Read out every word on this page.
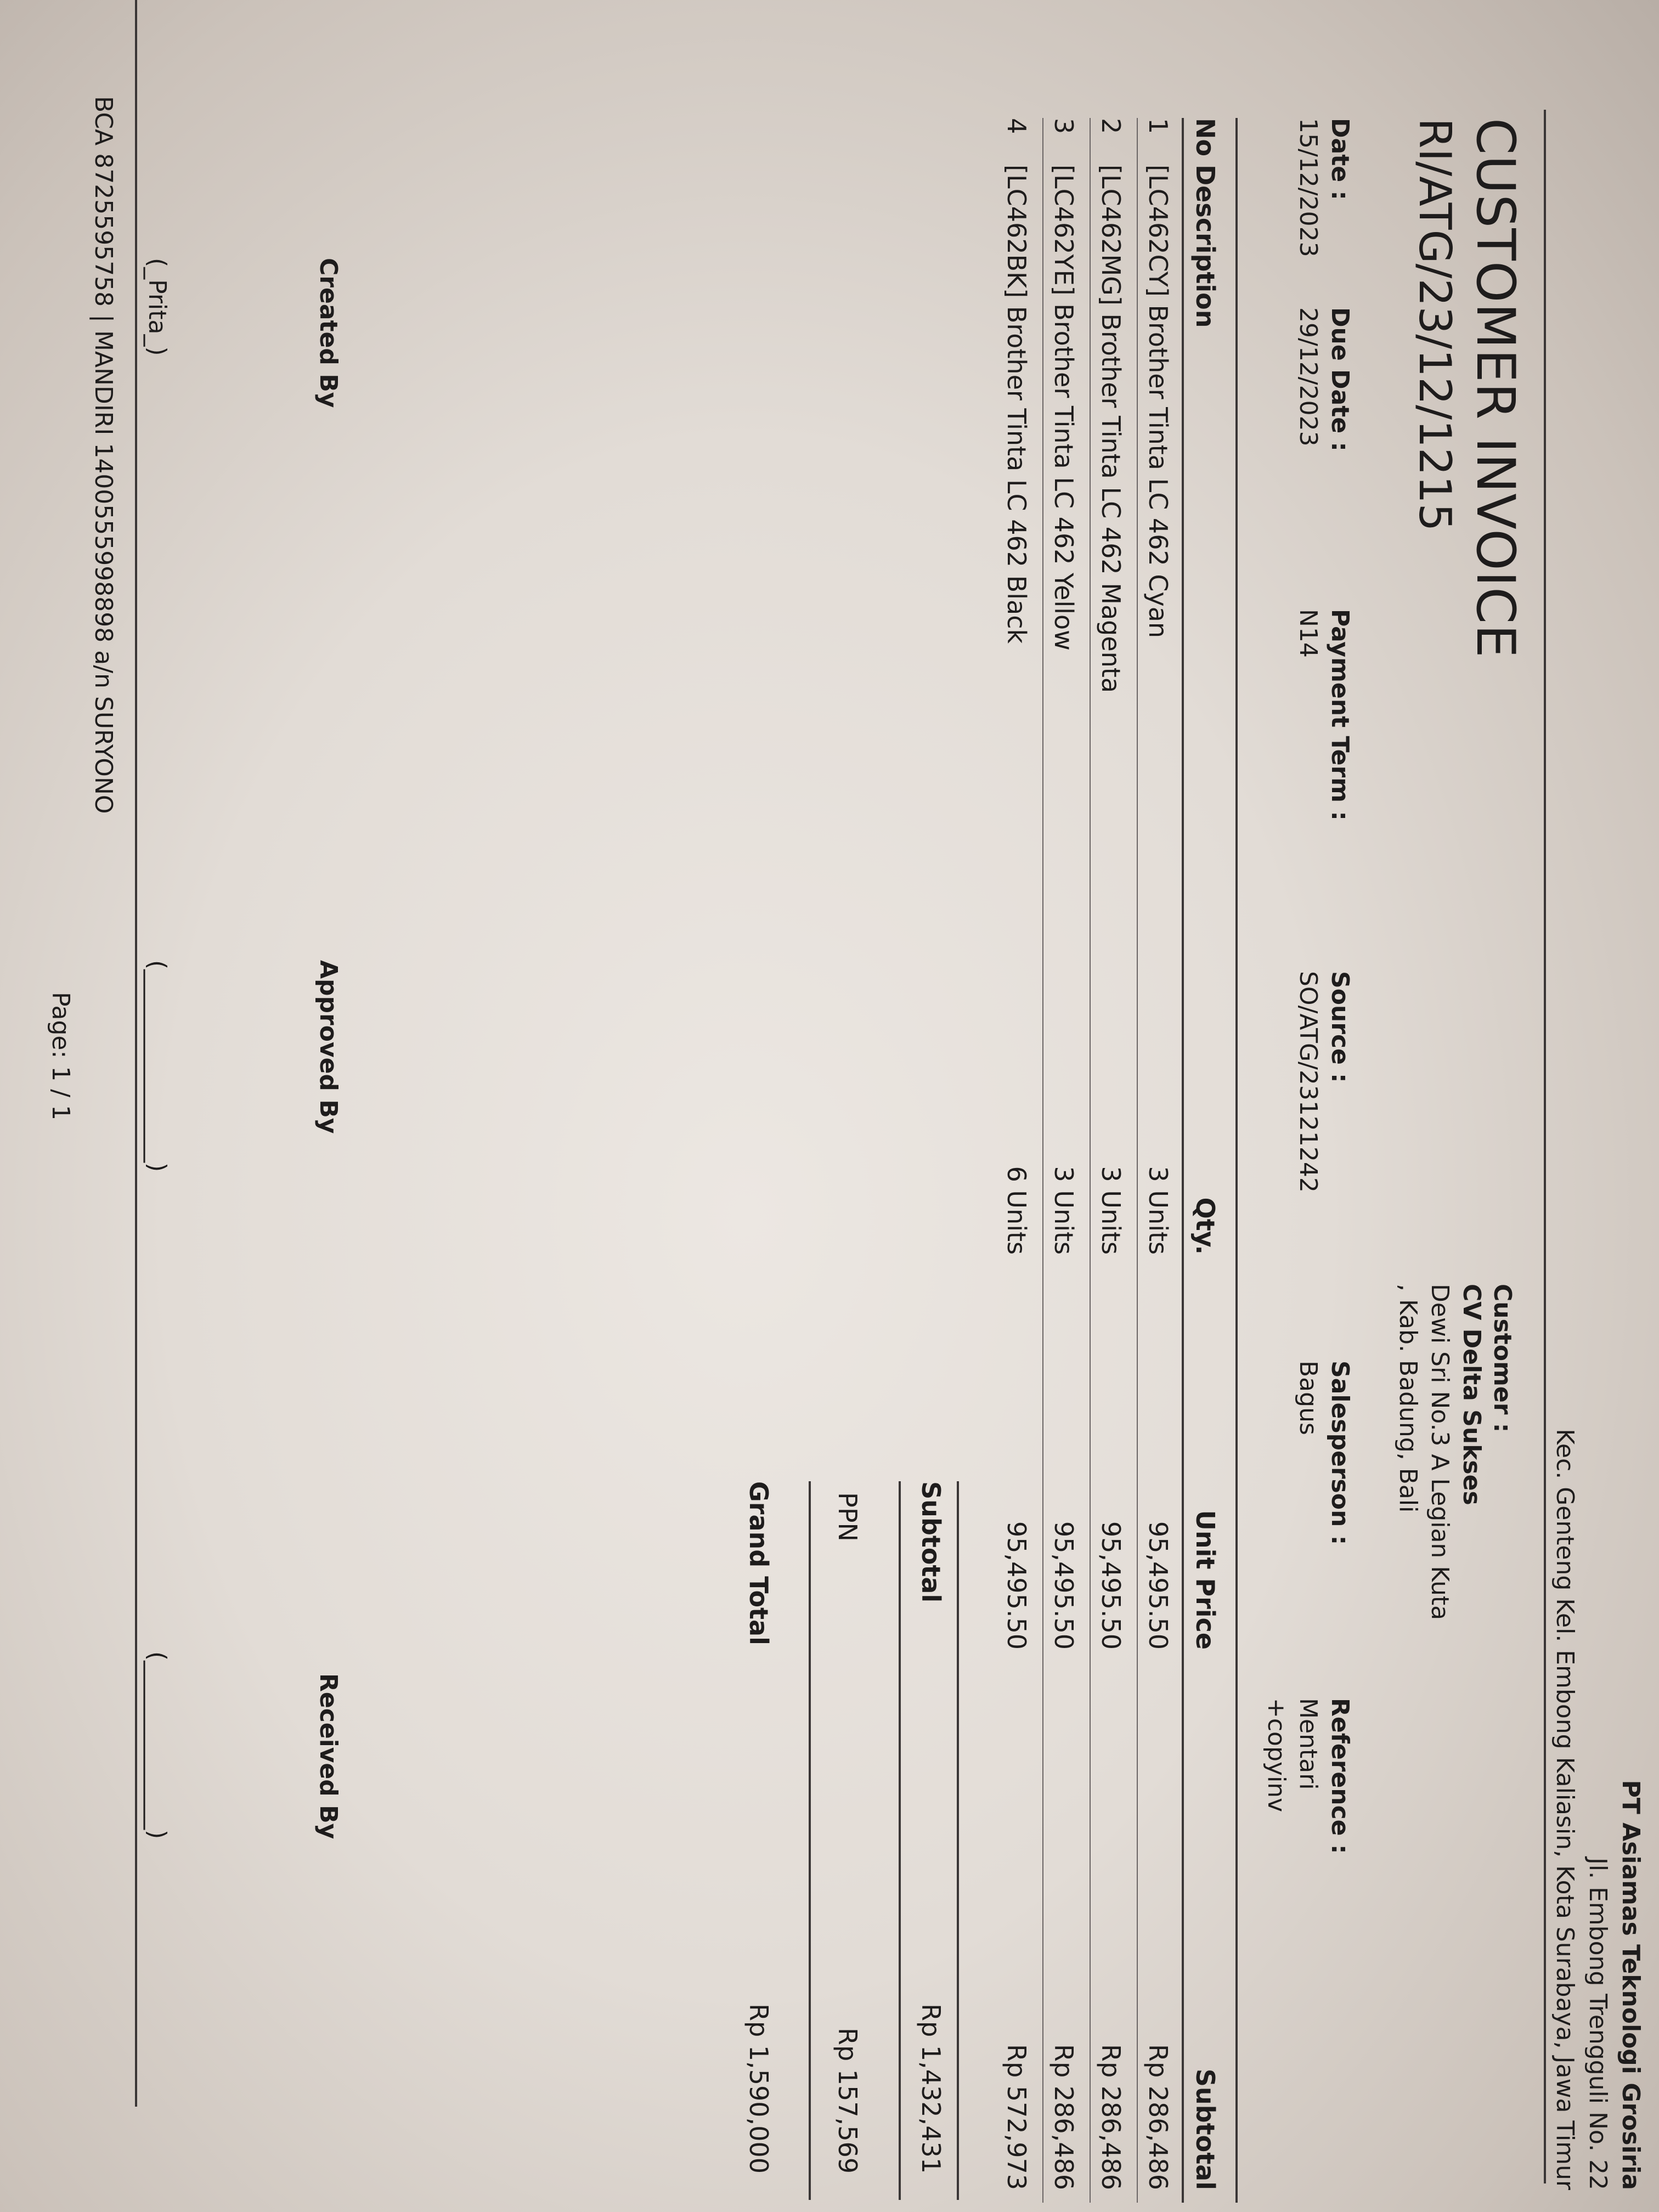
PT Asiamas Teknologi Grosiria
Jl. Embong Trengguli No. 22
Kec. Genteng Kel. Embong Kaliasin, Kota Surabaya, Jawa Timur
Customer :
CV Delta Sukses
Dewi Sri No.3 A Legian Kuta
, Kab. Badung, Bali
CUSTOMER INVOICE
RI/ATG/23/12/1215
Date :
15/12/2023
Due Date :
29/12/2023
Payment Term :
N14
Source :
SO/ATG/23121242
Salesperson :
Bagus
Reference :
Mentari
+copyinv
No
Description
Qty.
Unit Price
Subtotal
1
[LC462CY] Brother Tinta LC 462 Cyan
3 Units
95,495.50
Rp 286,486
2
[LC462MG] Brother Tinta LC 462 Magenta
3 Units
95,495.50
Rp 286,486
3
[LC462YE] Brother Tinta LC 462 Yellow
3 Units
95,495.50
Rp 286,486
4
[LC462BK] Brother Tinta LC 462 Black
6 Units
95,495.50
Rp 572,973
Subtotal
Rp 1,432,431
PPN
Rp 157,569
Grand Total
Rp 1,590,000
Created By
Approved By
Received By
(_Prita_)
(________________)
(______________)
BCA 8725595758 | MANDIRI 1400555998898 a/n SURYONO
Page: 1 / 1
